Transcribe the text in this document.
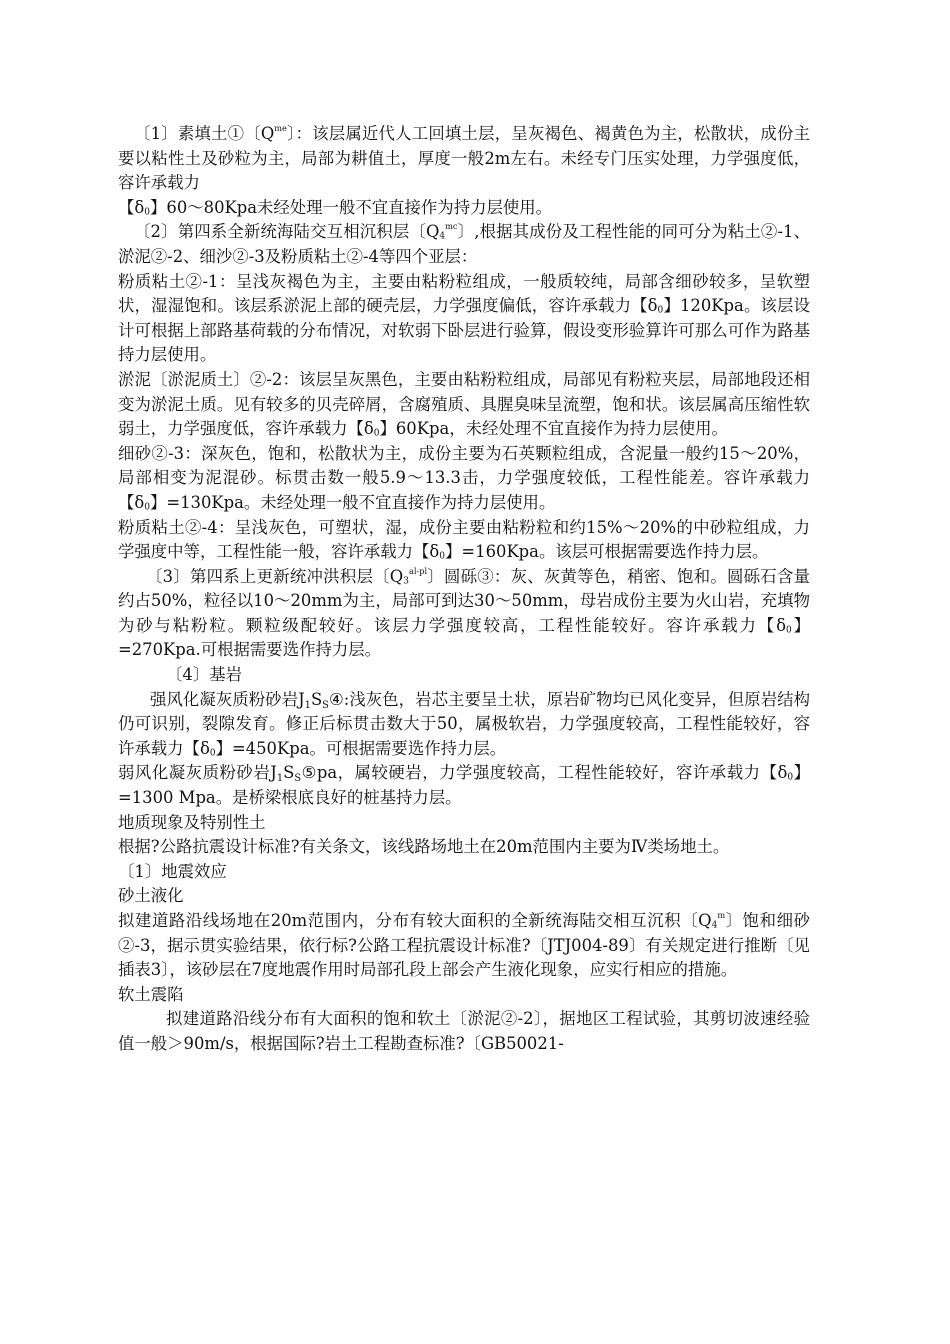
〔1〕素填土①〔$Q^{me}$〕：该层属近代人工回填土层，呈灰褐色、褐黄色为主，松散状，成份主要以粘性土及砂粒为主，局部为耕值土，厚度一般2m左右。未经专门压实处理，力学强度低，容许承载力

【$\delta_0$】60～80Kpa未经处理一般不宜直接作为持力层使用。

〔2〕第四系全新统海陆交互相沉积层〔$Q_4^{mc}$〕,根据其成份及工程性能的同可分为粘土②-1、淤泥②-2、细沙②-3及粉质粘土②-4等四个亚层：

粉质粘土②-1：呈浅灰褐色为主，主要由粘粉粒组成，一般质较纯，局部含细砂较多，呈软塑状，湿湿饱和。该层系淤泥上部的硬壳层，力学强度偏低，容许承载力【$\delta_0$】120Kpa。该层设计可根据上部路基荷载的分布情况，对软弱下卧层进行验算，假设变形验算许可那么可作为路基持力层使用。

淤泥〔淤泥质土〕②-2：该层呈灰黑色，主要由粘粉粒组成，局部见有粉粒夹层，局部地段还相变为淤泥土质。见有较多的贝壳碎屑，含腐殖质、具腥臭味呈流塑，饱和状。该层属高压缩性软弱土，力学强度低，容许承载力【$\delta_0$】60Kpa，未经处理不宜直接作为持力层使用。

细砂②-3：深灰色，饱和，松散状为主，成份主要为石英颗粒组成，含泥量一般约15～20%，局部相变为泥混砂。标贯击数一般5.9～13.3击，力学强度较低，工程性能差。容许承载力【$\delta_0$】=130Kpa。未经处理一般不宜直接作为持力层使用。

粉质粘土②-4：呈浅灰色，可塑状，湿，成份主要由粘粉粒和约15%～20%的中砂粒组成，力学强度中等，工程性能一般，容许承载力【$\delta_0$】=160Kpa。该层可根据需要选作持力层。

〔3〕第四系上更新统冲洪积层〔$Q_3^{al-pl}$〕圆砾③：灰、灰黄等色，稍密、饱和。圆砾石含量约占50%，粒径以10～20mm为主，局部可到达30～50mm，母岩成份主要为火山岩，充填物为砂与粘粉粒。颗粒级配较好。该层力学强度较高，工程性能较好。容许承载力【$\delta_0$】=270Kpa.可根据需要选作持力层。

〔4〕基岩

强风化凝灰质粉砂岩$J_1S_S④$:浅灰色，岩芯主要呈土状，原岩矿物均已风化变异，但原岩结构仍可识别，裂隙发育。修正后标贯击数大于50，属极软岩，力学强度较高，工程性能较好，容许承载力【$\delta_0$】=450Kpa。可根据需要选作持力层。

弱风化凝灰质粉砂岩$J_1S_S⑤pa$，属较硬岩，力学强度较高，工程性能较好，容许承载力【$\delta_0$】=1300 Mpa。是桥梁根底良好的桩基持力层。

地质现象及特别性土

根据?公路抗震设计标准?有关条文，该线路场地土在20m范围内主要为Ⅳ类场地土。

〔1〕地震效应

砂土液化

拟建道路沿线场地在20m范围内，分布有较大面积的全新统海陆交相互沉积〔$Q_4^m$〕饱和细砂②-3，据示贯实验结果，依行标?公路工程抗震设计标准?〔JTJ004-89〕有关规定进行推断〔见插表3〕，该砂层在7度地震作用时局部孔段上部会产生液化现象，应实行相应的措施。

软土震陷

拟建道路沿线分布有大面积的饱和软土〔淤泥②-2〕，据地区工程试验，其剪切波速经验值一般＞90m/s，根据国际?岩土工程勘查标准?〔GB50021-
